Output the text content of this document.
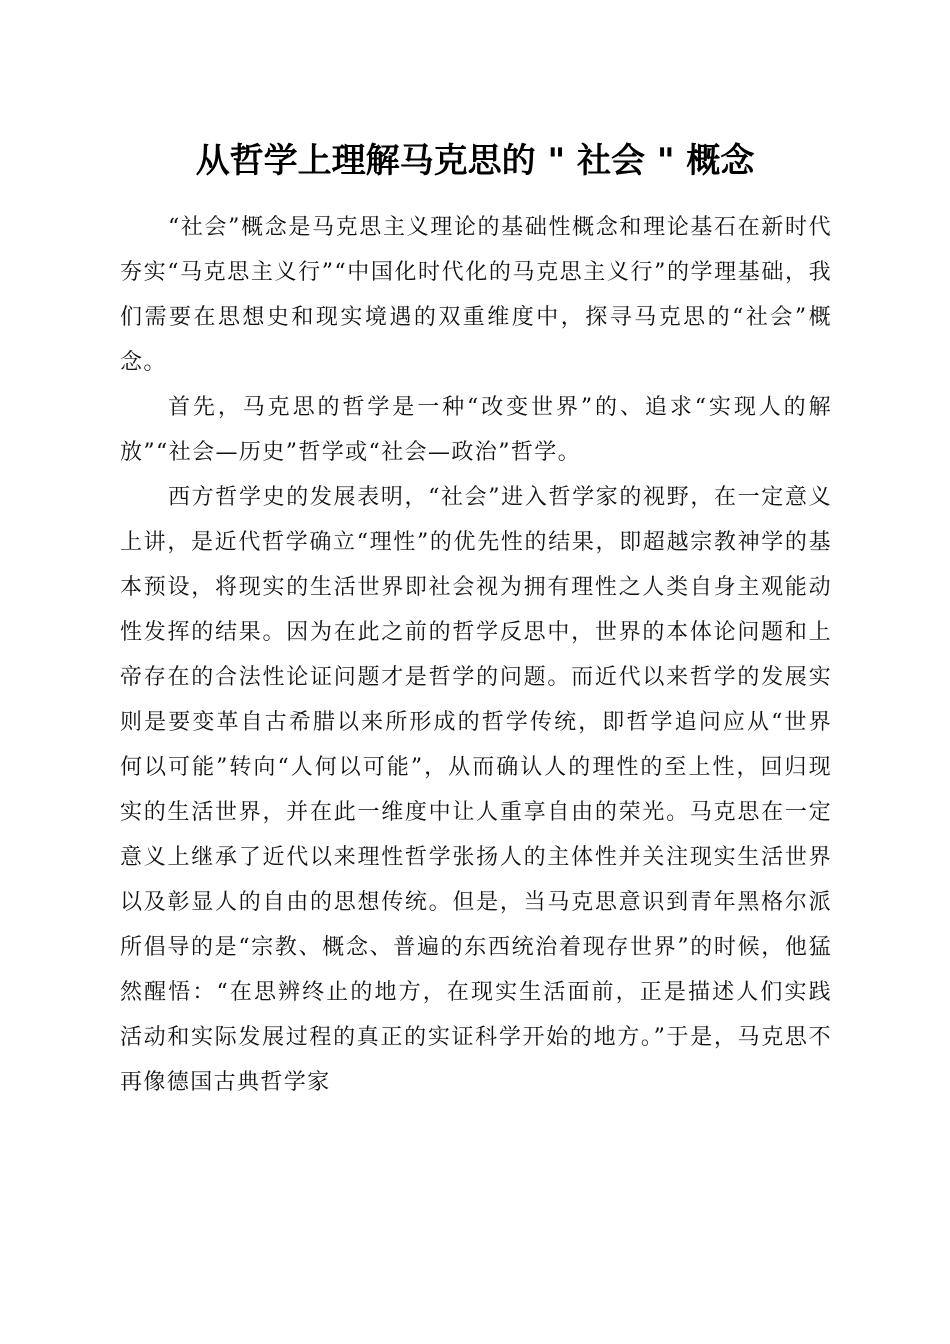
从哲学上理解马克思的 " 社会 " 概念

“社会”概念是马克思主义理论的基础性概念和理论基石在新时代夯实“马克思主义行”“中国化时代化的马克思主义行”的学理基础，我们需要在思想史和现实境遇的双重维度中，探寻马克思的“社会”概念。

首先，马克思的哲学是一种“改变世界”的、追求“实现人的解放”“社会—历史”哲学或“社会—政治”哲学。

西方哲学史的发展表明，“社会”进入哲学家的视野，在一定意义上讲，是近代哲学确立“理性”的优先性的结果，即超越宗教神学的基本预设，将现实的生活世界即社会视为拥有理性之人类自身主观能动性发挥的结果。因为在此之前的哲学反思中，世界的本体论问题和上帝存在的合法性论证问题才是哲学的问题。而近代以来哲学的发展实则是要变革自古希腊以来所形成的哲学传统，即哲学追问应从“世界何以可能”转向“人何以可能”，从而确认人的理性的至上性，回归现实的生活世界，并在此一维度中让人重享自由的荣光。马克思在一定意义上继承了近代以来理性哲学张扬人的主体性并关注现实生活世界以及彰显人的自由的思想传统。但是，当马克思意识到青年黑格尔派所倡导的是“宗教、概念、普遍的东西统治着现存世界”的时候，他猛然醒悟：“在思辨终止的地方，在现实生活面前，正是描述人们实践活动和实际发展过程的真正的实证科学开始的地方。”于是，马克思不再像德国古典哲学家
